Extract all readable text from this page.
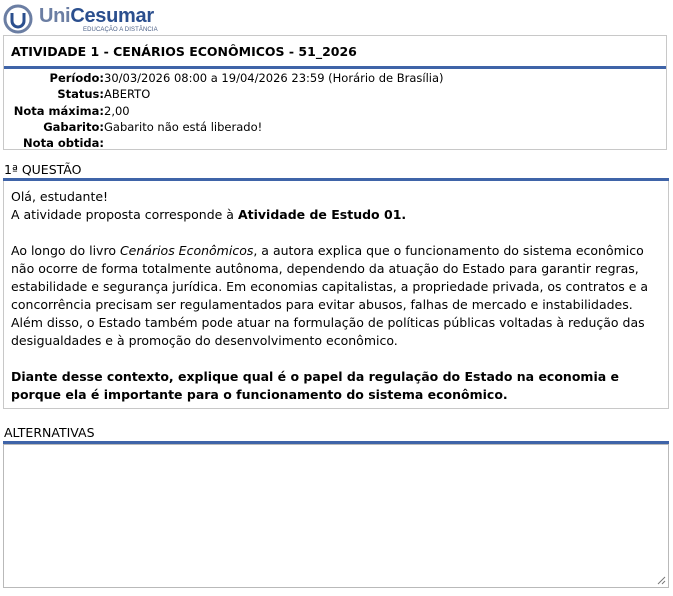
UniCesumar
EDUCAÇÃO A DISTÂNCIA
ATIVIDADE 1 - CENÁRIOS ECONÔMICOS - 51_2026
Período: 30/03/2026 08:00 a 19/04/2026 23:59 (Horário de Brasília)
Status: ABERTO
Nota máxima: 2,00
Gabarito: Gabarito não está liberado!
Nota obtida:
1ª QUESTÃO

Olá, estudante!

A atividade proposta corresponde à Atividade de Estudo 01.

Ao longo do livro Cenários Econômicos, a autora explica que o funcionamento do sistema econômico não ocorre de forma totalmente autônoma, dependendo da atuação do Estado para garantir regras, estabilidade e segurança jurídica. Em economias capitalistas, a propriedade privada, os contratos e a concorrência precisam ser regulamentados para evitar abusos, falhas de mercado e instabilidades. Além disso, o Estado também pode atuar na formulação de políticas públicas voltadas à redução das desigualdades e à promoção do desenvolvimento econômico.

Diante desse contexto, explique qual é o papel da regulação do Estado na economia e porque ela é importante para o funcionamento do sistema econômico.

ALTERNATIVAS
